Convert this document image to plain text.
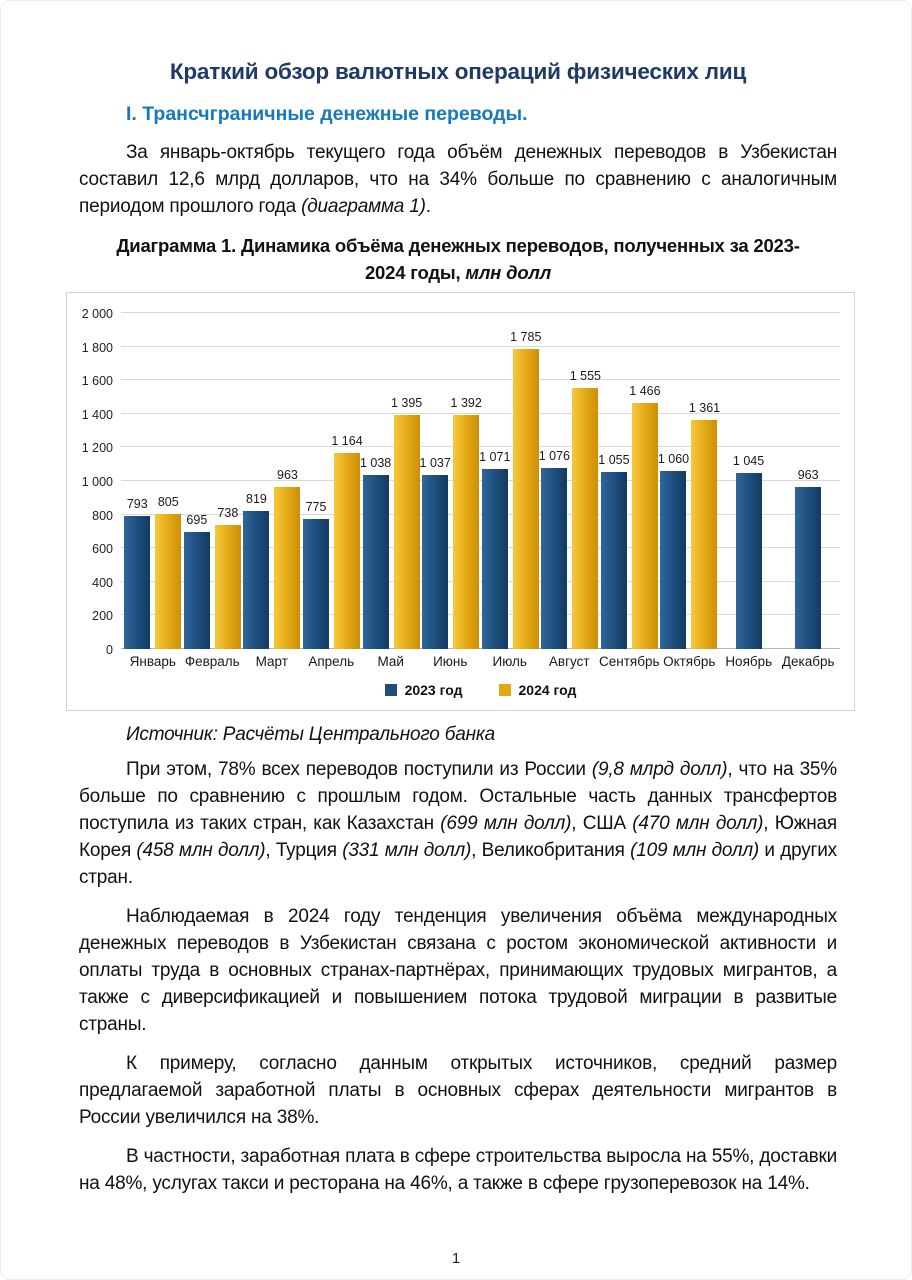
Краткий обзор валютных операций физических лиц
I. Трансчграничные денежные переводы.

За январь-октябрь текущего года объём денежных переводов в Узбекистан составил 12,6 млрд долларов, что на 34% больше по сравнению с аналогичным периодом прошлого года (диаграмма 1).

Диаграмма 1. Динамика объёма денежных переводов, полученных за 2023-2024 годы, млн долл
0
200
400
600
800
1 000
1 200
1 400
1 600
1 800
2 000
793 805
695
738
819
963
775
1 164
1 038
1 395
1 037
1 392
1 071
1 785
1 076
1 555
1 055
1 466
1 060
1 361
1 045
963
Январь Февраль	Март	Апрель	Май	Июнь	Июль	Август Сентябрь Октябрь Ноябрь Декабрь
2023 год	2024 год

Источник: Расчёты Центрального банка

При этом, 78% всех переводов поступили из России (9,8 млрд долл), что на 35% больше по сравнению с прошлым годом. Остальные часть данных трансфертов поступила из таких стран, как Казахстан (699 млн долл), США (470 млн долл), Южная Корея (458 млн долл), Турция (331 млн долл), Великобритания (109 млн долл) и других стран.

Наблюдаемая в 2024 году тенденция увеличения объёма международных денежных переводов в Узбекистан связана с ростом экономической активности и оплаты труда в основных странах-партнёрах, принимающих трудовых мигрантов, а также с диверсификацией и повышением потока трудовой миграции в развитые страны.

К примеру, согласно данным открытых источников, средний размер предлагаемой заработной платы в основных сферах деятельности мигрантов в России увеличился на 38%.

В частности, заработная плата в сфере строительства выросла на 55%, доставки на 48%, услугах такси и ресторана на 46%, а также в сфере грузоперевозок на 14%.

1
